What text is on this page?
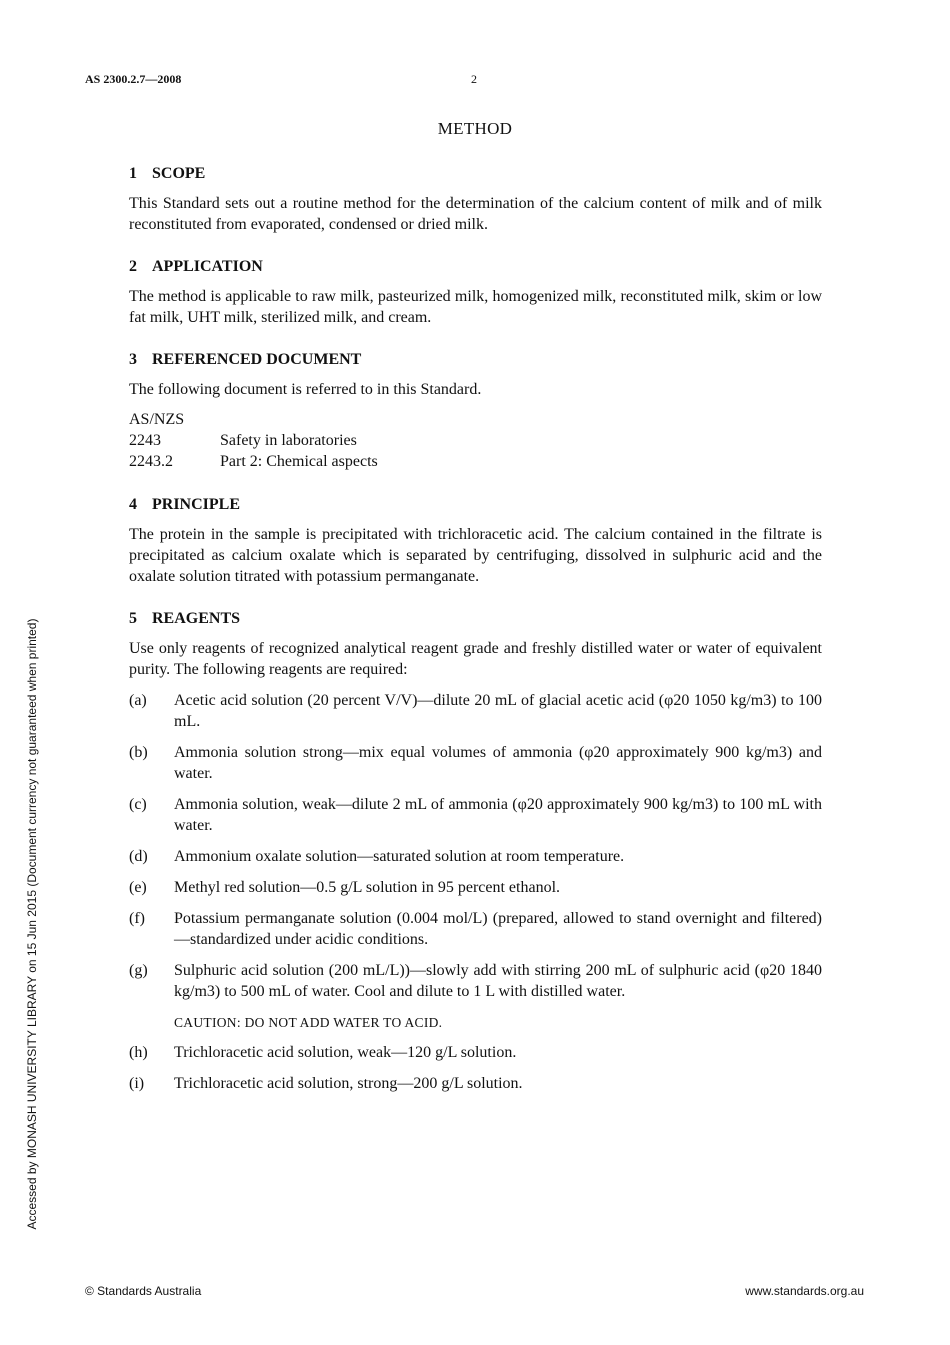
AS 2300.2.7—2008	2
METHOD
1 SCOPE

This Standard sets out a routine method for the determination of the calcium content of milk and of milk reconstituted from evaporated, condensed or dried milk.

2 APPLICATION

The method is applicable to raw milk, pasteurized milk, homogenized milk, reconstituted milk, skim or low fat milk, UHT milk, sterilized milk, and cream.

3 REFERENCED DOCUMENT

The following document is referred to in this Standard.

AS/NZS
2243	Safety in laboratories
2243.2	Part 2: Chemical aspects
4 PRINCIPLE

The protein in the sample is precipitated with trichloracetic acid. The calcium contained in the filtrate is precipitated as calcium oxalate which is separated by centrifuging, dissolved in sulphuric acid and the oxalate solution titrated with potassium permanganate.

5 REAGENTS

Use only reagents of recognized analytical reagent grade and freshly distilled water or water of equivalent purity. The following reagents are required:

(a)	Acetic acid solution (20 percent V/V)—dilute 20 mL of glacial acetic acid (φ20 1050 kg/m3) to 100 mL.
(b)	Ammonia solution strong—mix equal volumes of ammonia (φ20 approximately 900 kg/m3) and water.
(c)	Ammonia solution, weak—dilute 2 mL of ammonia (φ20 approximately 900 kg/m3) to 100 mL with water.
(d)	Ammonium oxalate solution—saturated solution at room temperature.
(e)	Methyl red solution—0.5 g/L solution in 95 percent ethanol.
(f)	Potassium permanganate solution (0.004 mol/L) (prepared, allowed to stand overnight and filtered)—standardized under acidic conditions.
(g)	Sulphuric acid solution (200 mL/L))—slowly add with stirring 200 mL of sulphuric acid (φ20 1840 kg/m3) to 500 mL of water. Cool and dilute to 1 L with distilled water.
CAUTION: DO NOT ADD WATER TO ACID.
(h)	Trichloracetic acid solution, weak—120 g/L solution.
(i)	Trichloracetic acid solution, strong—200 g/L solution.
Accessed by MONASH UNIVERSITY LIBRARY on 15 Jun 2015 (Document currency not guaranteed when printed)
© Standards Australia	www.standards.org.au
